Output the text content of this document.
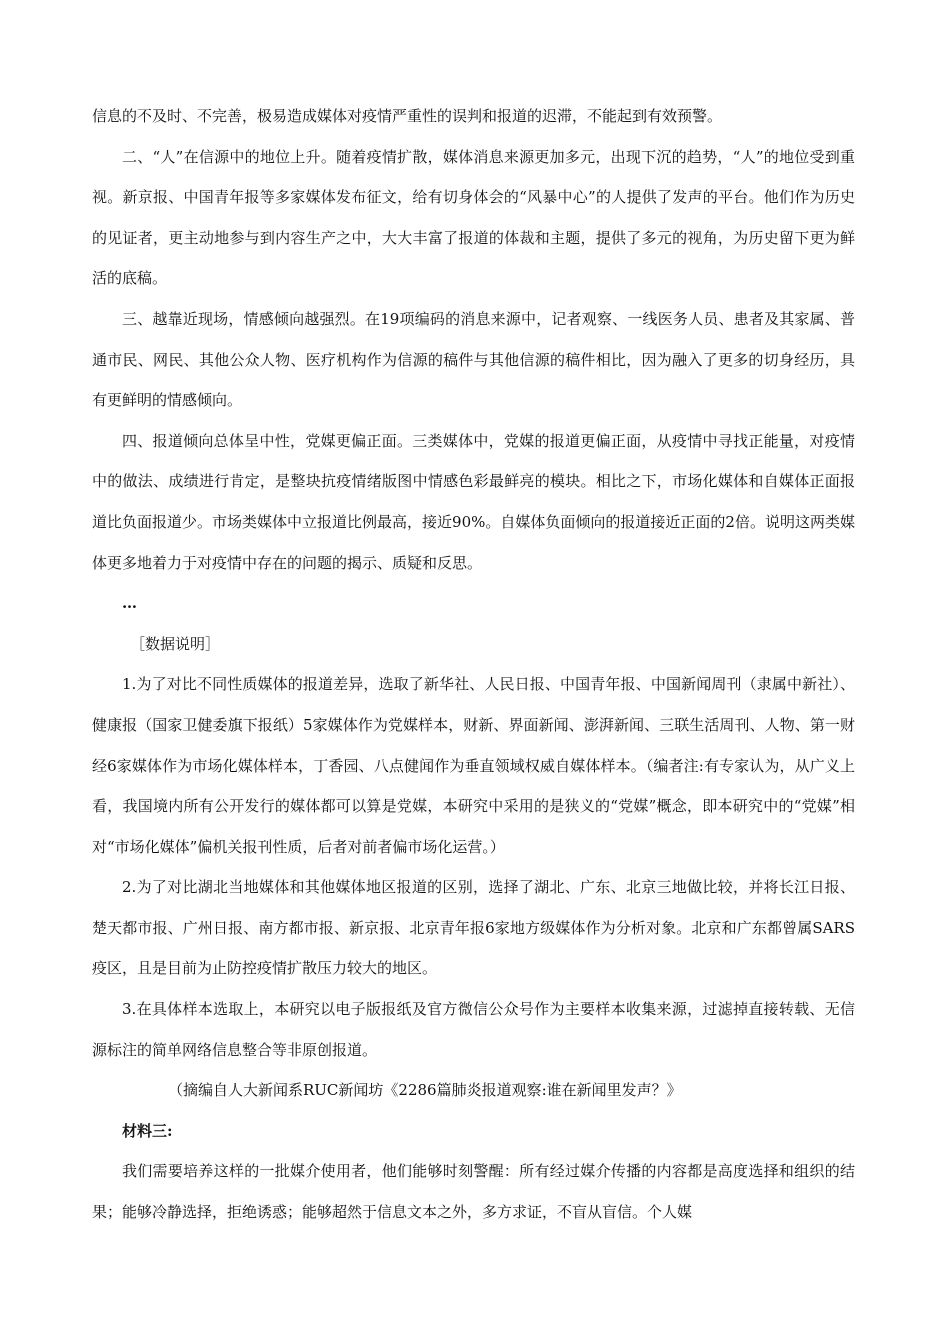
信息的不及时、不完善，极易造成媒体对疫情严重性的误判和报道的迟滞，不能起到有效预警。

二、“人”在信源中的地位上升。随着疫情扩散，媒体消息来源更加多元，出现下沉的趋势，“人”的地位受到重视。新京报、中国青年报等多家媒体发布征文，给有切身体会的“风暴中心”的人提供了发声的平台。他们作为历史的见证者，更主动地参与到内容生产之中，大大丰富了报道的体裁和主题，提供了多元的视角，为历史留下更为鲜活的底稿。

三、越靠近现场，情感倾向越强烈。在19项编码的消息来源中，记者观察、一线医务人员、患者及其家属、普通市民、网民、其他公众人物、医疗机构作为信源的稿件与其他信源的稿件相比，因为融入了更多的切身经历，具有更鲜明的情感倾向。

四、报道倾向总体呈中性，党媒更偏正面。三类媒体中，党媒的报道更偏正面，从疫情中寻找正能量，对疫情中的做法、成绩进行肯定，是整块抗疫情绪版图中情感色彩最鲜亮的模块。相比之下，市场化媒体和自媒体正面报道比负面报道少。市场类媒体中立报道比例最高，接近90%。自媒体负面倾向的报道接近正面的2倍。说明这两类媒体更多地着力于对疫情中存在的问题的揭示、质疑和反思。

…

［数据说明］

1.为了对比不同性质媒体的报道差异，选取了新华社、人民日报、中国青年报、中国新闻周刊（隶属中新社）、健康报（国家卫健委旗下报纸）5家媒体作为党媒样本，财新、界面新闻、澎湃新闻、三联生活周刊、人物、第一财经6家媒体作为市场化媒体样本，丁香园、八点健闻作为垂直领域权威自媒体样本。（编者注:有专家认为，从广义上看，我国境内所有公开发行的媒体都可以算是党媒，本研究中采用的是狭义的“党媒”概念，即本研究中的“党媒”相对“市场化媒体”偏机关报刊性质，后者对前者偏市场化运营。）

2.为了对比湖北当地媒体和其他媒体地区报道的区别，选择了湖北、广东、北京三地做比较，并将长江日报、楚天都市报、广州日报、南方都市报、新京报、北京青年报6家地方级媒体作为分析对象。北京和广东都曾属SARS疫区，且是目前为止防控疫情扩散压力较大的地区。

3.在具体样本选取上，本研究以电子版报纸及官方微信公众号作为主要样本收集来源，过滤掉直接转载、无信源标注的简单网络信息整合等非原创报道。

（摘编自人大新闻系RUC新闻坊《2286篇肺炎报道观察:谁在新闻里发声？》

材料三:

我们需要培养这样的一批媒介使用者，他们能够时刻警醒：所有经过媒介传播的内容都是高度选择和组织的结果；能够冷静选择，拒绝诱惑；能够超然于信息文本之外，多方求证，不盲从盲信。个人媒
